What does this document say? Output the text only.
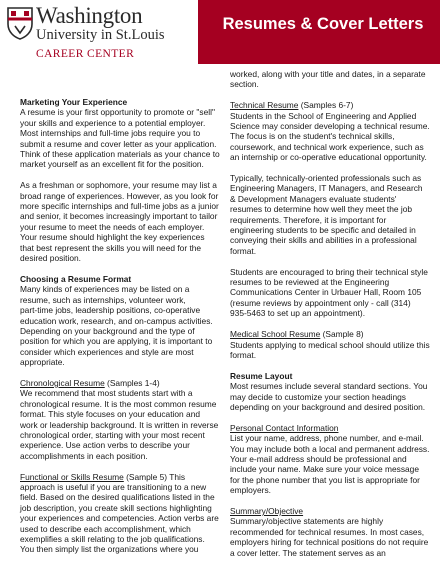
Washington
University in St.Louis
CAREER CENTER
Resumes & Cover Letters

Marketing Your Experience

A resume is your first opportunity to promote or "sell"
your skills and experience to a potential employer.
Most internships and full-time jobs require you to
submit a resume and cover letter as your application.
Think of these application materials as your chance to
market yourself as an excellent fit for the position.

As a freshman or sophomore, your resume may list a
broad range of experiences. However, as you look for
more specific internships and full-time jobs as a junior
and senior, it becomes increasingly important to tailor
your resume to meet the needs of each employer.
Your resume should highlight the key experiences
that best represent the skills you will need for the
desired position.

Choosing a Resume Format

Many kinds of experiences may be listed on a
resume, such as internships, volunteer work,
part-time jobs, leadership positions, co-operative
education work, research, and on-campus activities.
Depending on your background and the type of
position for which you are applying, it is important to
consider which experiences and style are most
appropriate.

Chronological Resume (Samples 1-4)

We recommend that most students start with a
chronological resume. It is the most common resume
format. This style focuses on your education and
work or leadership background. It is written in reverse
chronological order, starting with your most recent
experience. Use action verbs to describe your
accomplishments in each position.

Functional or Skills Resume (Sample 5) This

approach is useful if you are transitioning to a new
field. Based on the desired qualifications listed in the
job description, you create skill sections highlighting
your experiences and competencies. Action verbs are
used to describe each accomplishment, which
exemplifies a skill relating to the job qualifications.
You then simply list the organizations where you

worked, along with your title and dates, in a separate
section.

Technical Resume (Samples 6-7)

Students in the School of Engineering and Applied
Science may consider developing a technical resume.
The focus is on the student's technical skills,
coursework, and technical work experience, such as
an internship or co-operative educational opportunity.

Typically, technically-oriented professionals such as
Engineering Managers, IT Managers, and Research
& Development Managers evaluate students'
resumes to determine how well they meet the job
requirements. Therefore, it is important for
engineering students to be specific and detailed in
conveying their skills and abilities in a professional
format.

Students are encouraged to bring their technical style
resumes to be reviewed at the Engineering
Communications Center in Urbauer Hall, Room 105
(resume reviews by appointment only - call (314)
935-5463 to set up an appointment).

Medical School Resume (Sample 8)

Students applying to medical school should utilize this
format.

Resume Layout

Most resumes include several standard sections. You
may decide to customize your section headings
depending on your background and desired position.

Personal Contact Information

List your name, address, phone number, and e-mail.
You may include both a local and permanent address.
Your e-mail address should be professional and
include your name. Make sure your voice message
for the phone number that you list is appropriate for
employers.

Summary/Objective

Summary/objective statements are highly
recommended for technical resumes. In most cases,
employers hiring for technical positions do not require
a cover letter. The statement serves as an
